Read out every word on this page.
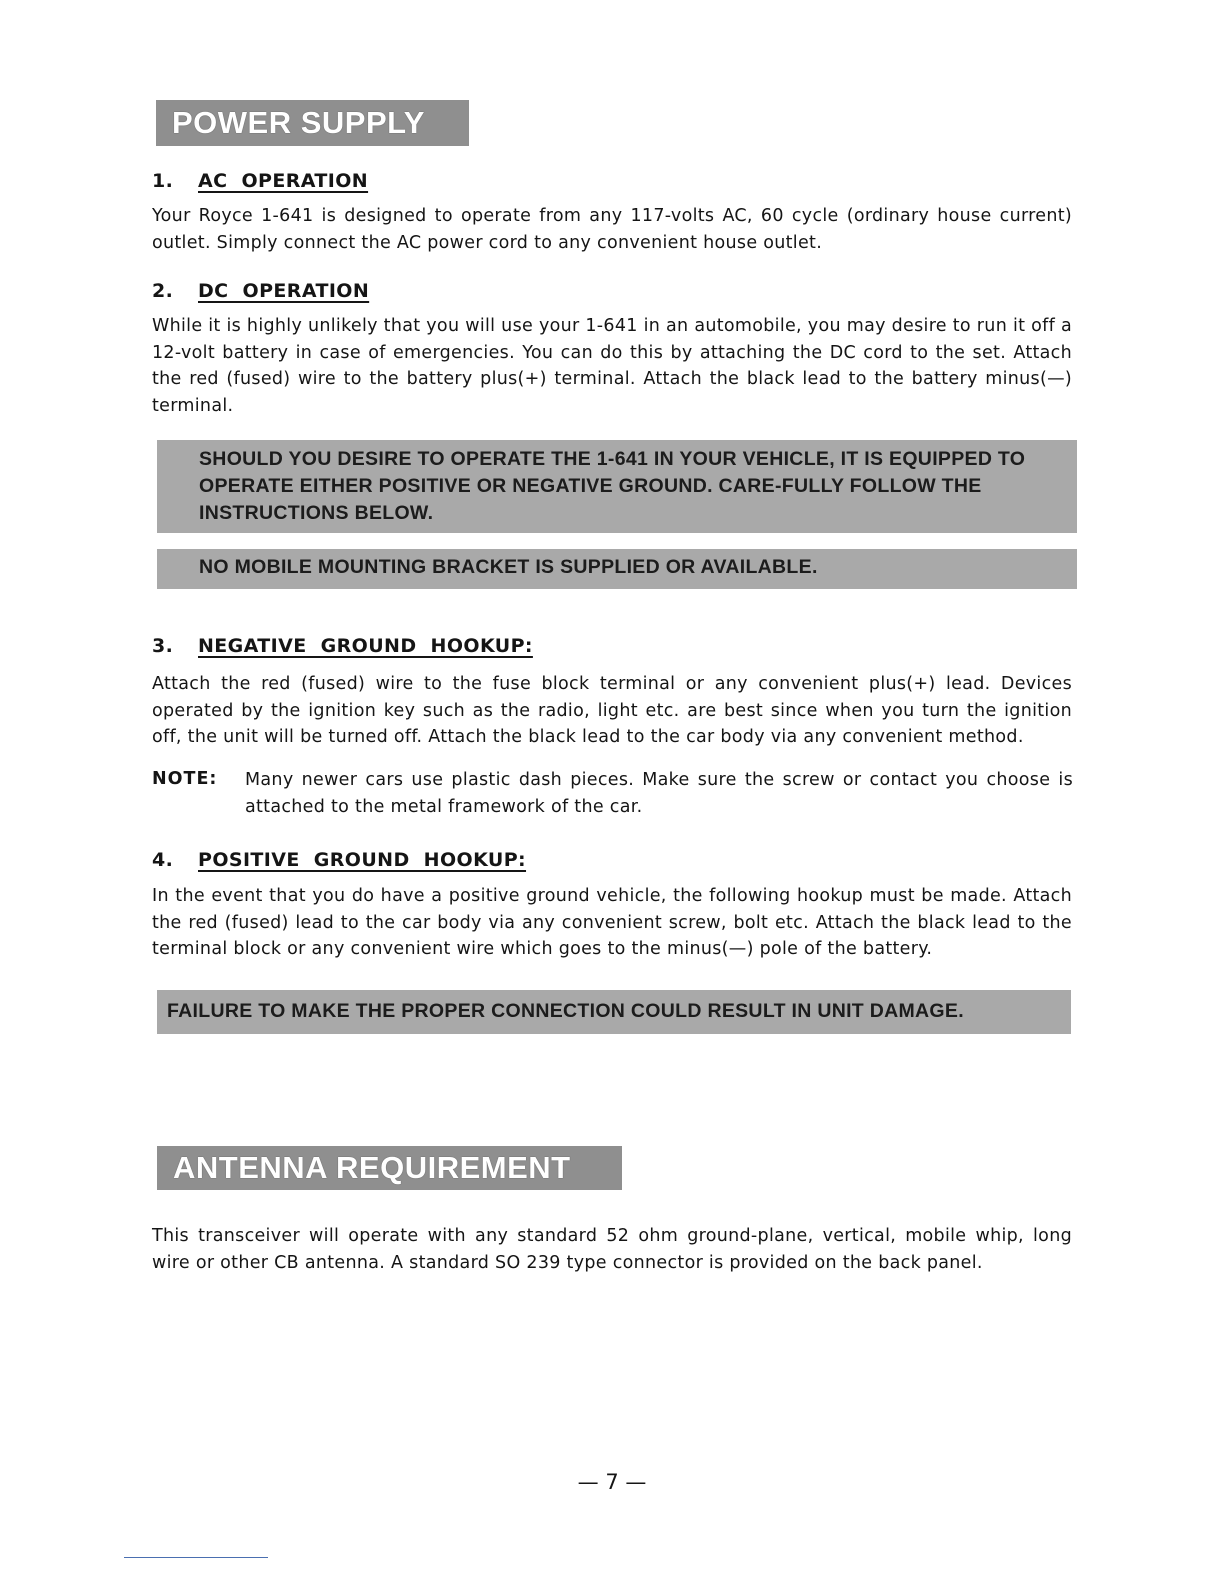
POWER SUPPLY
1. AC  OPERATION

Your Royce 1-641 is designed to operate from any 117-volts AC, 60 cycle (ordinary house current) outlet. Simply connect the AC power cord to any convenient house outlet.

2. DC  OPERATION

While it is highly unlikely that you will use your 1-641 in an automobile, you may desire to run it off a 12-volt battery in case of emergencies. You can do this by attaching the DC cord to the set. Attach the red (fused) wire to the battery plus(+) terminal. Attach the black lead to the battery minus(—) terminal.

SHOULD YOU DESIRE TO OPERATE THE 1-641 IN YOUR VEHICLE, IT IS EQUIPPED TO OPERATE EITHER POSITIVE OR NEGATIVE GROUND. CARE-FULLY FOLLOW THE INSTRUCTIONS BELOW.
NO MOBILE MOUNTING BRACKET IS SUPPLIED OR AVAILABLE.
3. NEGATIVE  GROUND  HOOKUP:

Attach the red (fused) wire to the fuse block terminal or any convenient plus(+) lead. Devices operated by the ignition key such as the radio, light etc. are best since when you turn the ignition off, the unit will be turned off. Attach the black lead to the car body via any convenient method.

NOTE: Many newer cars use plastic dash pieces. Make sure the screw or contact you choose is attached to the metal framework of the car.

4. POSITIVE  GROUND  HOOKUP:

In the event that you do have a positive ground vehicle, the following hookup must be made. Attach the red (fused) lead to the car body via any convenient screw, bolt etc. Attach the black lead to the terminal block or any convenient wire which goes to the minus(—) pole of the battery.

FAILURE TO MAKE THE PROPER CONNECTION COULD RESULT IN UNIT DAMAGE.
ANTENNA REQUIREMENT

This transceiver will operate with any standard 52 ohm ground-plane, vertical, mobile whip, long wire or other CB antenna. A standard SO 239 type connector is provided on the back panel.

— 7 —
